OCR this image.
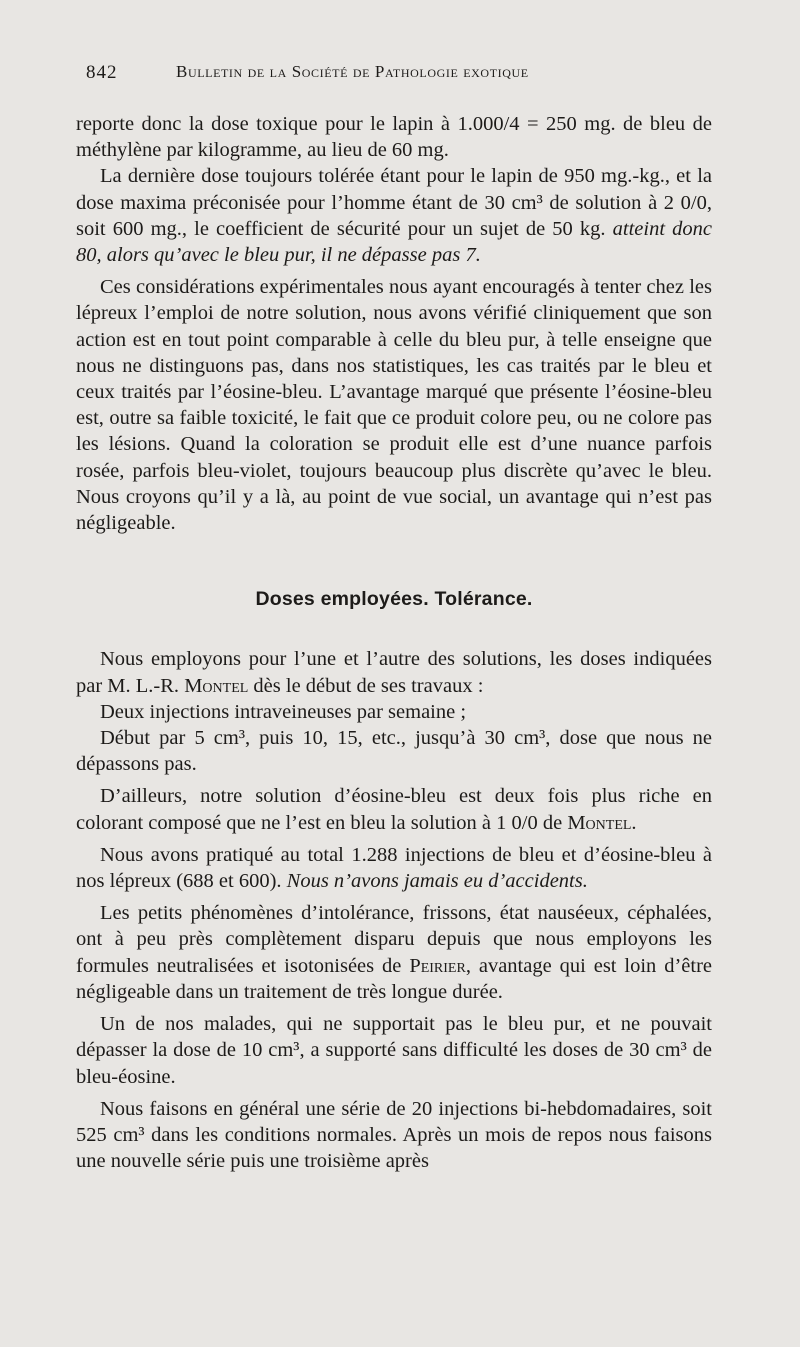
842	Bulletin de la Société de Pathologie exotique

reporte donc la dose toxique pour le lapin à 1.000/4 = 250 mg. de bleu de méthylène par kilogramme, au lieu de 60 mg.

La dernière dose toujours tolérée étant pour le lapin de 950 mg.-kg., et la dose maxima préconisée pour l’homme étant de 30 cm³ de solution à 2 0/0, soit 600 mg., le coefficient de sécurité pour un sujet de 50 kg. atteint donc 80, alors qu’avec le bleu pur, il ne dépasse pas 7.

Ces considérations expérimentales nous ayant encouragés à tenter chez les lépreux l’emploi de notre solution, nous avons vérifié cliniquement que son action est en tout point comparable à celle du bleu pur, à telle enseigne que nous ne distinguons pas, dans nos statistiques, les cas traités par le bleu et ceux traités par l’éosine-bleu. L’avantage marqué que présente l’éosine-bleu est, outre sa faible toxicité, le fait que ce produit colore peu, ou ne colore pas les lésions. Quand la coloration se produit elle est d’une nuance parfois rosée, parfois bleu-violet, toujours beaucoup plus discrète qu’avec le bleu. Nous croyons qu’il y a là, au point de vue social, un avantage qui n’est pas négligeable.

Doses employées. Tolérance.

Nous employons pour l’une et l’autre des solutions, les doses indiquées par M. L.-R. Montel dès le début de ses travaux :

Deux injections intraveineuses par semaine ;

Début par 5 cm³, puis 10, 15, etc., jusqu’à 30 cm³, dose que nous ne dépassons pas.

D’ailleurs, notre solution d’éosine-bleu est deux fois plus riche en colorant composé que ne l’est en bleu la solution à 1 0/0 de Montel.

Nous avons pratiqué au total 1.288 injections de bleu et d’éosine-bleu à nos lépreux (688 et 600). Nous n’avons jamais eu d’accidents.

Les petits phénomènes d’intolérance, frissons, état nauséeux, céphalées, ont à peu près complètement disparu depuis que nous employons les formules neutralisées et isotonisées de Peirier, avantage qui est loin d’être négligeable dans un traitement de très longue durée.

Un de nos malades, qui ne supportait pas le bleu pur, et ne pouvait dépasser la dose de 10 cm³, a supporté sans difficulté les doses de 30 cm³ de bleu-éosine.

Nous faisons en général une série de 20 injections bi-hebdomadaires, soit 525 cm³ dans les conditions normales. Après un mois de repos nous faisons une nouvelle série puis une troisième après
